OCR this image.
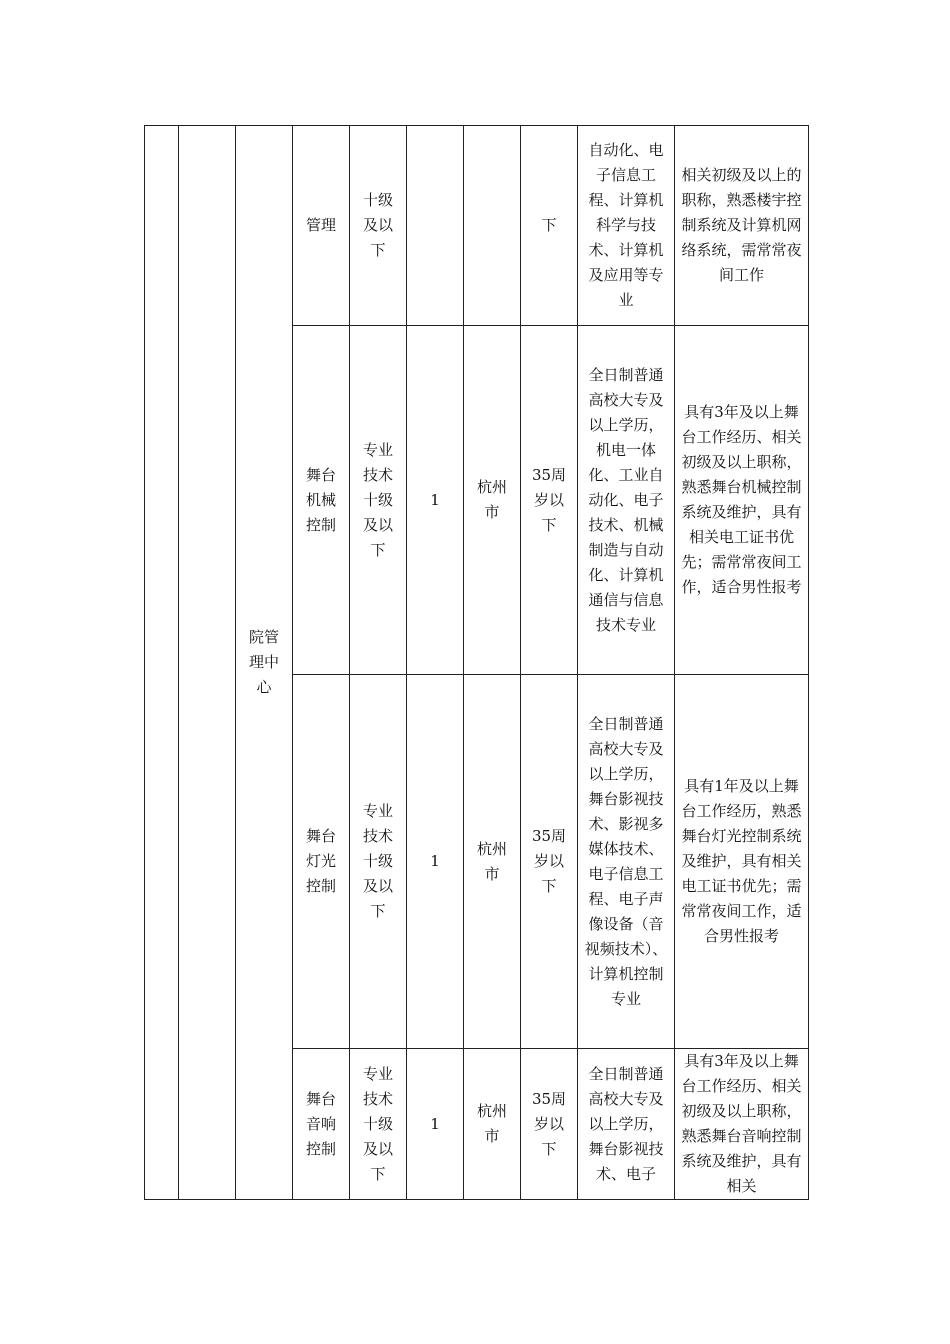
		院管理中心	管理	十级及以下			下	自动化、电子信息工程、计算机科学与技术、计算机及应用等专业	相关初级及以上的职称，熟悉楼宇控制系统及计算机网络系统，需常常夜间工作
			舞台机械控制	专业技术十级及以下	1	杭州市	35周岁以下	全日制普通高校大专及以上学历，机电一体化、工业自动化、电子技术、机械制造与自动化、计算机通信与信息技术专业	具有3年及以上舞台工作经历、相关初级及以上职称，熟悉舞台机械控制系统及维护，具有相关电工证书优先；需常常夜间工作，适合男性报考
			舞台灯光控制	专业技术十级及以下	1	杭州市	35周岁以下	全日制普通高校大专及以上学历，舞台影视技术、影视多媒体技术、电子信息工程、电子声像设备（音视频技术）、计算机控制专业	具有1年及以上舞台工作经历，熟悉舞台灯光控制系统及维护，具有相关电工证书优先；需常常夜间工作，适合男性报考
			舞台音响控制	专业技术十级及以下	1	杭州市	35周岁以下	全日制普通高校大专及以上学历，舞台影视技术、电子	具有3年及以上舞台工作经历、相关初级及以上职称，熟悉舞台音响控制系统及维护，具有相关
